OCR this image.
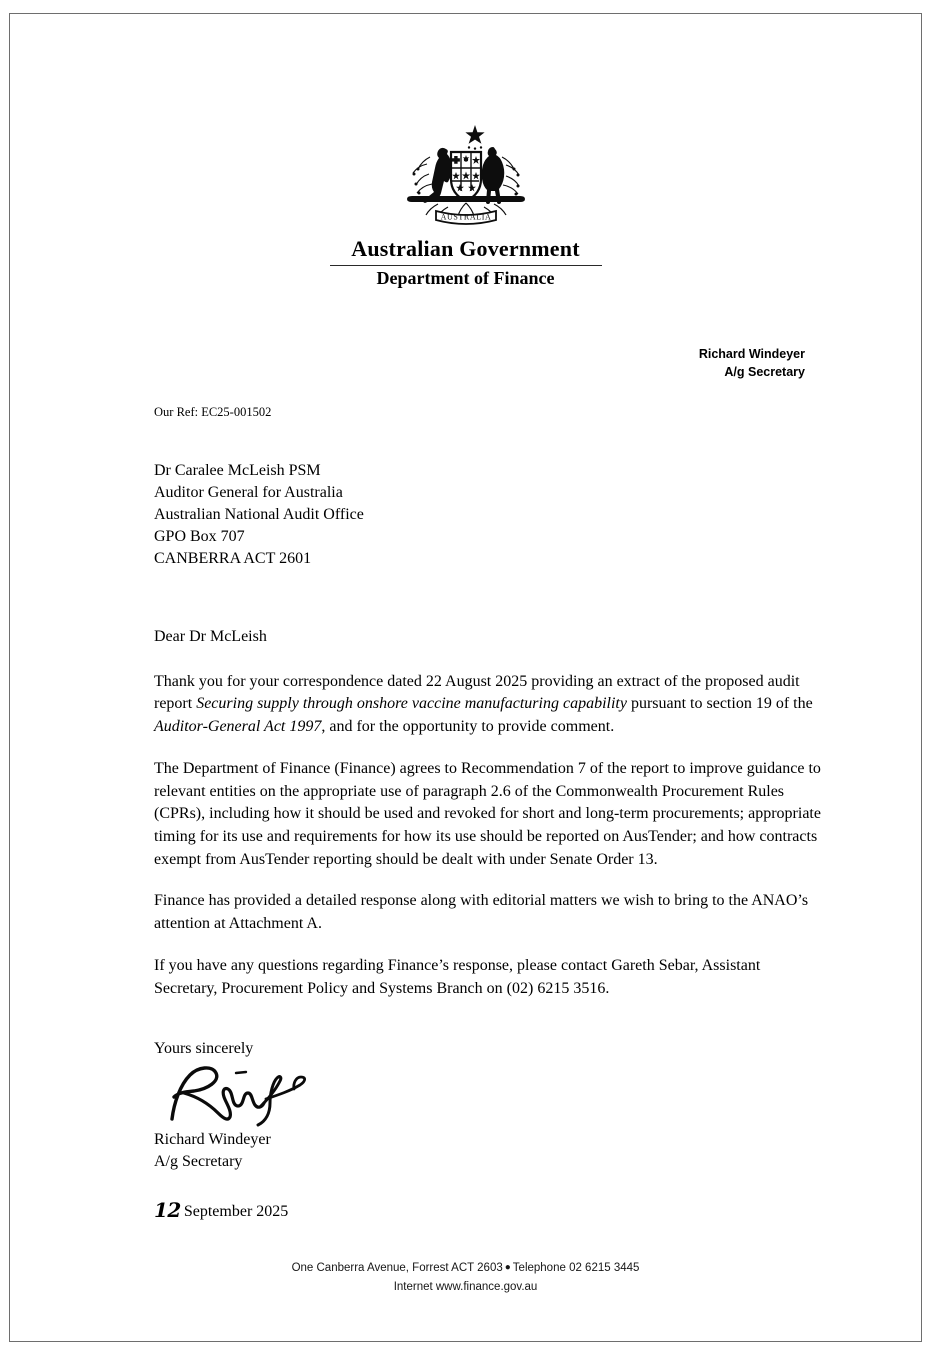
AUSTRALIA
Australian Government
Department of Finance
Richard Windeyer
A/g Secretary
Our Ref: EC25-001502
Dr Caralee McLeish PSM
Auditor General for Australia
Australian National Audit Office
GPO Box 707
CANBERRA ACT 2601

Dear Dr McLeish

Thank you for your correspondence dated 22 August 2025 providing an extract of the proposed audit report Securing supply through onshore vaccine manufacturing capability pursuant to section 19 of the Auditor-General Act 1997, and for the opportunity to provide comment.

The Department of Finance (Finance) agrees to Recommendation 7 of the report to improve guidance to relevant entities on the appropriate use of paragraph 2.6 of the Commonwealth Procurement Rules (CPRs), including how it should be used and revoked for short and long-term procurements; appropriate timing for its use and requirements for how its use should be reported on AusTender; and how contracts exempt from AusTender reporting should be dealt with under Senate Order 13.

Finance has provided a detailed response along with editorial matters we wish to bring to the ANAO’s attention at Attachment A.

If you have any questions regarding Finance’s response, please contact Gareth Sebar, Assistant Secretary, Procurement Policy and Systems Branch on (02) 6215 3516.

Yours sincerely
Richard Windeyer
A/g Secretary
12 September 2025
One Canberra Avenue, Forrest ACT 2603 ● Telephone 02 6215 3445
Internet www.finance.gov.au
